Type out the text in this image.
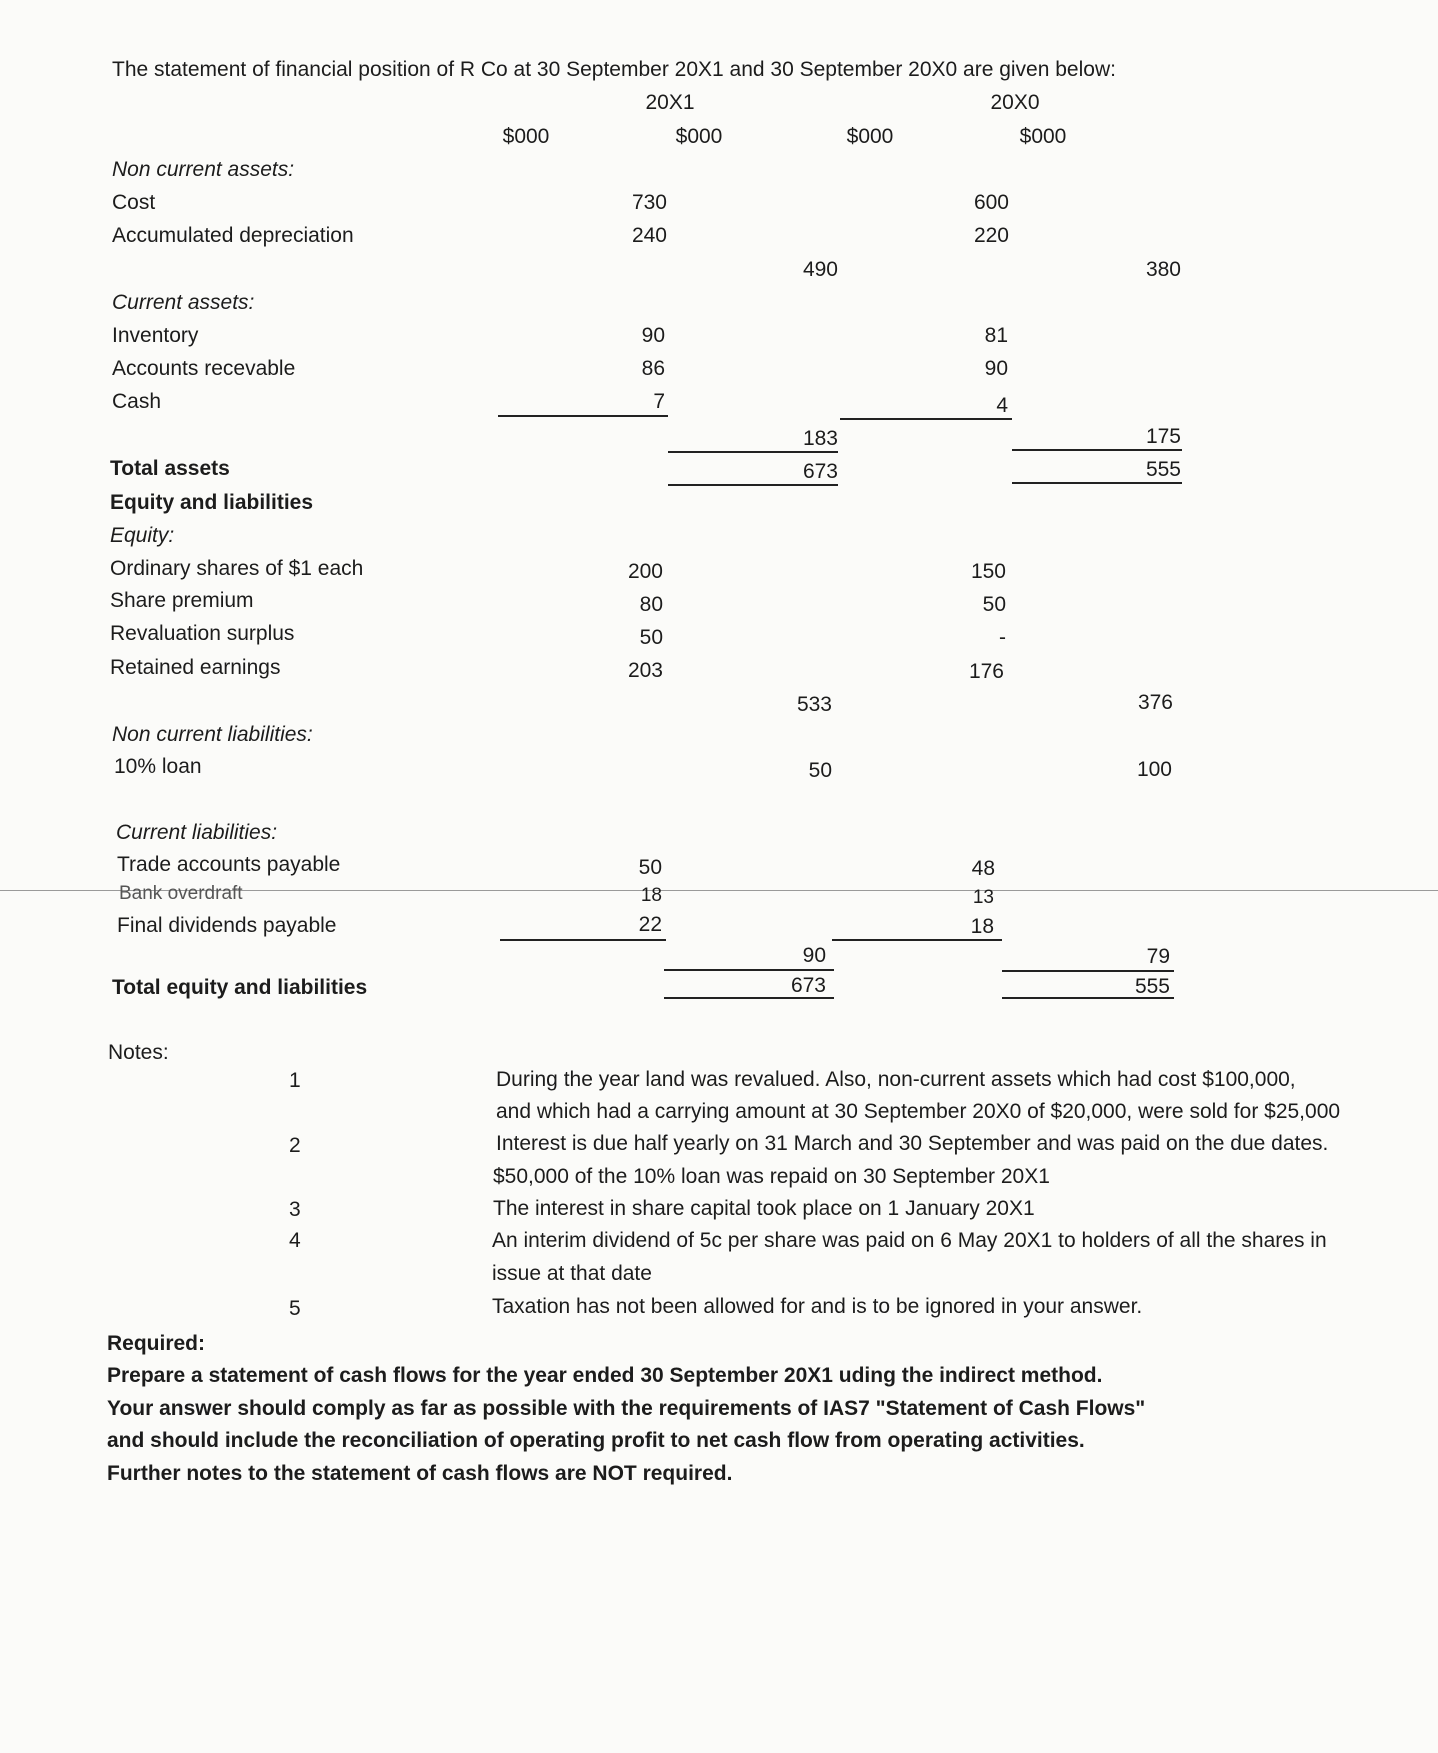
The statement of financial position of R Co at 30 September 20X1 and 30 September 20X0 are given below:
20X1	20X0
$000	$000	$000	$000
Non current assets:
Cost	730	600
Accumulated depreciation	240	220
490	380
Current assets:
Inventory	90	81
Accounts recevable	86	90
Cash	7	4
183	175
Total assets	673	555
Equity and liabilities
Equity:
Ordinary shares of $1 each	200	150
Share premium	80	50
Revaluation surplus	50	-
Retained earnings	203	176
533	376
Non current liabilities:
10% loan	50	100
Current liabilities:
Trade accounts payable	50	48
Bank overdraft	18	13
Final dividends payable	22	18
90	79
Total equity and liabilities	673	555
Notes:
1	During the year land was revalued. Also, non-current assets which had cost $100,000,
and which had a carrying amount at 30 September 20X0 of $20,000, were sold for $25,000
2	Interest is due half yearly on 31 March and 30 September and was paid on the due dates.
$50,000 of the 10% loan was repaid on 30 September 20X1
3	The interest in share capital took place on 1 January 20X1
4	An interim dividend of 5c per share was paid on 6 May 20X1 to holders of all the shares in
issue at that date
5	Taxation has not been allowed for and is to be ignored in your answer.
Required:
Prepare a statement of cash flows for the year ended 30 September 20X1 uding the indirect method.
Your answer should comply as far as possible with the requirements of IAS7 "Statement of Cash Flows"
and should include the reconciliation of operating profit to net cash flow from operating activities.
Further notes to the statement of cash flows are NOT required.
